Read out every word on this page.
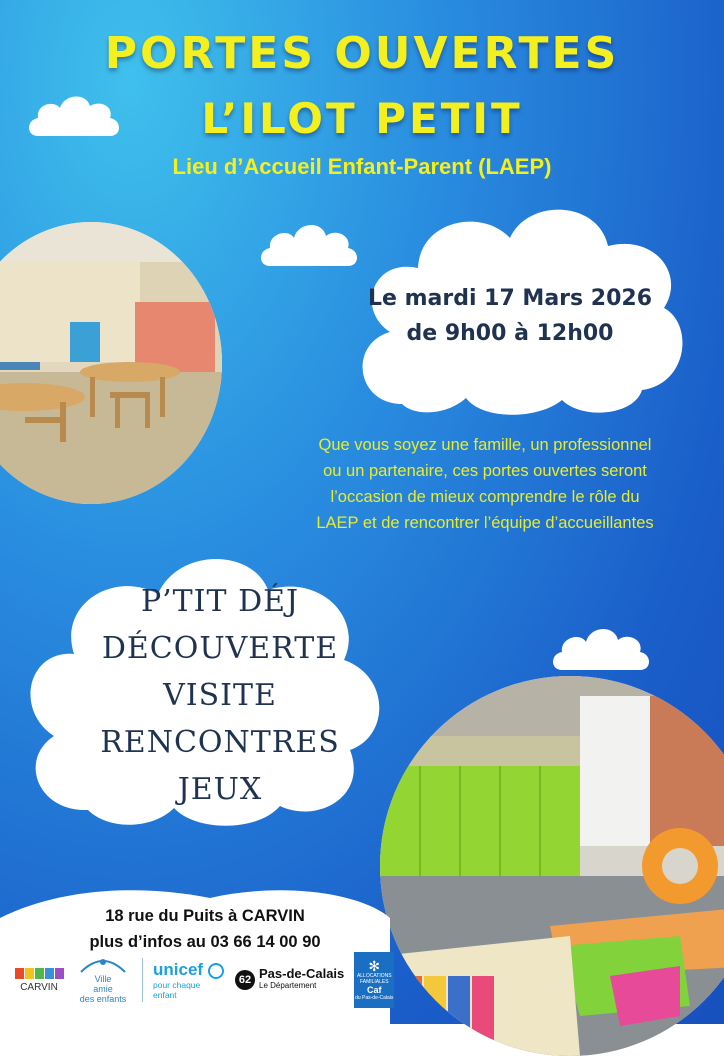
PORTES OUVERTES
L’ILOT PETIT
Lieu d’Accueil Enfant-Parent (LAEP)
Le mardi 17 Mars 2026
de 9h00 à 12h00
Que vous soyez une famille, un professionnel
ou un partenaire, ces portes ouvertes seront
l’occasion de mieux comprendre le rôle du
LAEP et de rencontrer l’équipe d’accueillantes
P’TIT DÉJ
DÉCOUVERTE
VISITE
RENCONTRES
JEUX
18 rue du Puits à CARVIN
plus d’infos au 03 66 14 00 90
CARVIN
Ville
amie
des enfants
unicef
pour chaque enfant
62 Pas-de-Calais
Le Département
✻
ALLOCATIONS
FAMILIALES
Caf
du Pas-de-Calais
